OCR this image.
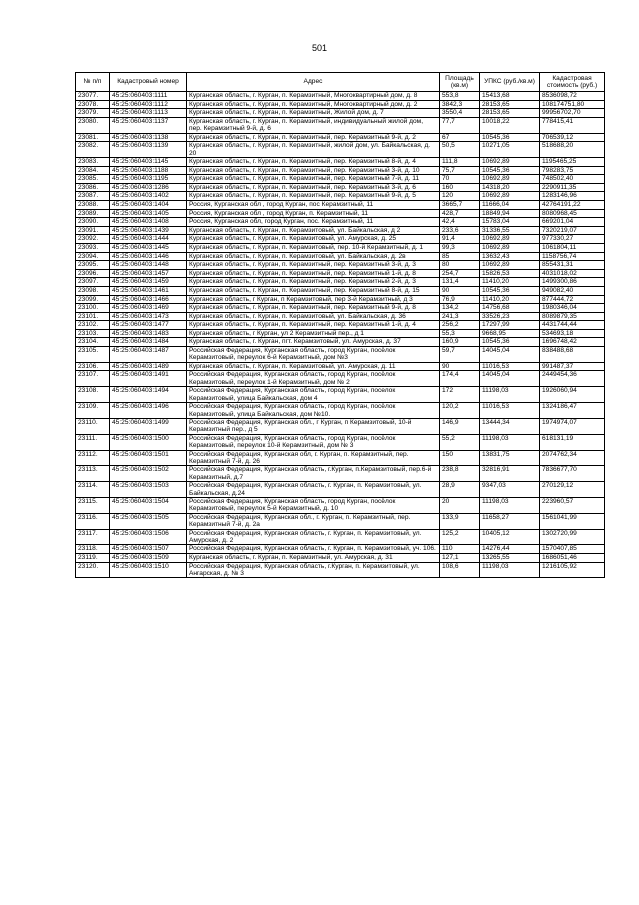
501
№ п/п	Кадастровый номер	Адрес	Площадь (кв.м)	УПКС (руб./кв.м)	Кадастровая стоимость (руб.)
23077.	45:25:060403:1111	Курганская область, г. Курган, п. Керамзитный, Многоквартирный дом, д. 8	553,8	15413,68	8536098,72
23078.	45:25:060403:1112	Курганская область, г. Курган, п. Керамзитный, Многоквартирный дом, д. 2	3842,3	28153,65	108174751,80
23079.	45:25:060403:1113	Курганская область, г. Курган, п. Керамзитный, Жилой дом, д. 7	3550,4	28153,65	99956702,70
23080.	45:25:060403:1137	Курганская область, г. Курган, п. Керамзитный, индивидуальный жилой дом, пер. Керамзитный 9-й, д. 6	77,7	10018,22	778415,41
23081.	45:25:060403:1138	Курганская область, г. Курган, п. Керамзитный, пер. Керамзитный 9-й, д. 2	67	10545,36	706539,12
23082.	45:25:060403:1139	Курганская область, г. Курган, п. Керамзитный, жилой дом, ул. Байкальская, д. 20	50,5	10271,05	518688,20
23083.	45:25:060403:1145	Курганская область, г. Курган, п. Керамзитный, пер. Керамзитный 8-й, д. 4	111,8	10692,89	1195465,25
23084.	45:25:060403:1188	Курганская область, г. Курган, п. Керамзитный, пер. Керамзитный 3-й, д. 10	75,7	10545,36	798283,75
23085.	45:25:060403:1195	Курганская область, г. Курган, п. Керамзитный, пер. Керамзитный 7-й, д. 11	70	10692,89	748502,40
23086.	45:25:060403:1286	Курганская область, г. Курган, п. Керамзитный, пер. Керамзитный 3-й, д. 6	160	14318,20	2290911,35
23087.	45:25:060403:1402	Курганская область, г. Курган, п. Керамзитный, пер. Керамзитный 9-й, д. 5	120	10692,89	1283146,96
23088.	45:25:060403:1404	Россия, Курганская обл , город Курган, пос Керамзитный, 11	3665,7	11666,04	42764191,22
23089.	45:25:060403:1405	Россия, Курганская обл , город Курган, п. Керамзитный, 11	428,7	18849,94	8080968,45
23090.	45:25:060403:1408	Россия, Курганская обл, город Курган, пос. Керамзитный, 11	42,4	15783,04	669201,04
23091.	45:25:060403:1439	Курганская область, г. Курган, п. Керамзитовый, ул. Байкальская, д 2	233,6	31336,55	7320219,07
23092.	45:25:060403:1444	Курганская область, г. Курган, п. Керамзитовый, ул. Амурская, д. 25	91,4	10692,89	977330,27
23093.	45:25:060403:1445	Курганская область, г. Курган, п. Керамзитовый, пер. 10-й Керамзитный, д. 1	99,3	10692,89	1061804,11
23094.	45:25:060403:1446	Курганская область, г. Курган, п. Керамзитовый, ул. Байкальская, д. 2в	85	13632,43	1158756,74
23095.	45:25:060403:1448	Курганская область, г. Курган, п. Керамзитный, пер. Керамзитный 3-й, д. 3	80	10692,89	855431,31
23096.	45:25:060403:1457	Курганская область, г. Курган, п. Керамзитный, пер. Керамзитный 1-й, д. 8	254,7	15826,53	4031018,02
23097.	45:25:060403:1459	Курганская область, г. Курган, п. Керамзитный, пер. Керамзитный 2-й, д. 3	131,4	11410,20	1499300,86
23098.	45:25:060403:1461	Курганская область, г. Курган, п. Керамзитный, пер. Керамзитный 8-й, д. 15	90	10545,36	949082,40
23099.	45:25:060403:1466	Курганская область, г Курган, п Керамзитовый, пер 3-й Керамзитный, д 3	76,9	11410,20	877444,72
23100.	45:25:060403:1469	Курганская область, г. Курган, п. Керамзитный, пер. Керамзитный 9-й, д. 8	134,2	14756,68	1980346,04
23101.	45:25:060403:1473	Курганская область, г. Курган, п. Керамзитовый, ул. Байкальская, д. 36	241,3	33526,23	8089879,35
23102.	45:25:060403:1477	Курганская область, г. Курган, п. Керамзитный, пер. Керамзитный 1-й, д. 4	256,2	17297,99	4431744,44
23103.	45:25:060403:1483	Курганская область, г Курган, ул 2 Керамзитный пер., д 1	55,3	9668,95	534693,18
23104.	45:25:060403:1484	Курганская область, г. Курган, пгт. Керамзитовый, ул. Амурская, д. 37	160,9	10545,36	1696748,42
23105.	45:25:060403:1487	Российская Федерация, Курганская область, город Курган, посёлок Керамзитовый, переулок 6-й Керамзитный, дом №3	59,7	14045,04	838488,68
23106.	45:25:060403:1489	Курганская область, г. Курган, п. Керамзитовый, ул. Амурская, д. 11	90	11016,53	991487,37
23107.	45:25:060403:1491	Российская Федерация, Курганская область, город Курган, посёлок Керамзитовый, переулок 1-й Керамзитный, дом № 2	174,4	14045,04	2449454,36
23108.	45:25:060403:1494	Российская Федерация, Курганская область, город Курган, поселок Керамзитовый, улица Байкальская, дом 4	172	11198,03	1926060,94
23109.	45:25:060403:1496	Российская Федерация, Курганская область, город Курган, посёлок Керамзитовый, улица Байкальская, дом №10.	120,2	11016,53	1324186,47
23110.	45:25:060403:1499	Российская Федерация, Курганская обл., г Курган, п Керамзитовый, 10-й Керамзитный пер., д 5	146,9	13444,34	1974974,07
23111.	45:25:060403:1500	Российская Федерация, Курганская область, город Курган, посёлок Керамзитовый, переулок 10-й Керамзитный, дом № 3	55,2	11198,03	618131,19
23112.	45:25:060403:1501	Российская Федерация, Курганская обл, г. Курган, п. Керамзитный, пер. Керамзитный 7-й, д. 26	150	13831,75	2074762,34
23113.	45:25:060403:1502	Российская Федерация, Курганская область, г.Курган, п.Керамзитовый, пер.6-й Керамзитный, д.7	238,8	32816,91	7836677,70
23114.	45:25:060403:1503	Российская Федерация, Курганская область, г. Курган, п. Керамзитовый, ул. Байкальская, д.24	28,9	9347,03	270129,12
23115.	45:25:060403:1504	Российская Федерация, Курганская область, город Курган, посёлок Керамзитовый, переулок 5-й Керамзитный, д. 10	20	11198,03	223960,57
23116.	45:25:060403:1505	Российская Федерация, Курганская обл., г. Курган, п. Керамзитный, пер. Керамзитный 7-й, д. 2а	133,9	11658,27	1561041,99
23117.	45:25:060403:1506	Российская Федерация, Курганская область, г. Курган, п. Керамзитовый, ул. Амурская, д. 2	125,2	10405,12	1302720,99
23118.	45:25:060403:1507	Российская Федерация, Курганская область, г. Курган, п. Керамзитовый, уч. 106.	110	14276,44	1570407,85
23119.	45:25:060403:1509	Курганская область, г. Курган, п. Керамзитный, ул. Амурская, д. 31	127,1	13265,55	1686051,46
23120.	45:25:060403:1510	Российская Федерация, Курганская область, г.Курган, п. Керамзитовый, ул. Ангарская, д. № 3	108,6	11198,03	1216105,92
